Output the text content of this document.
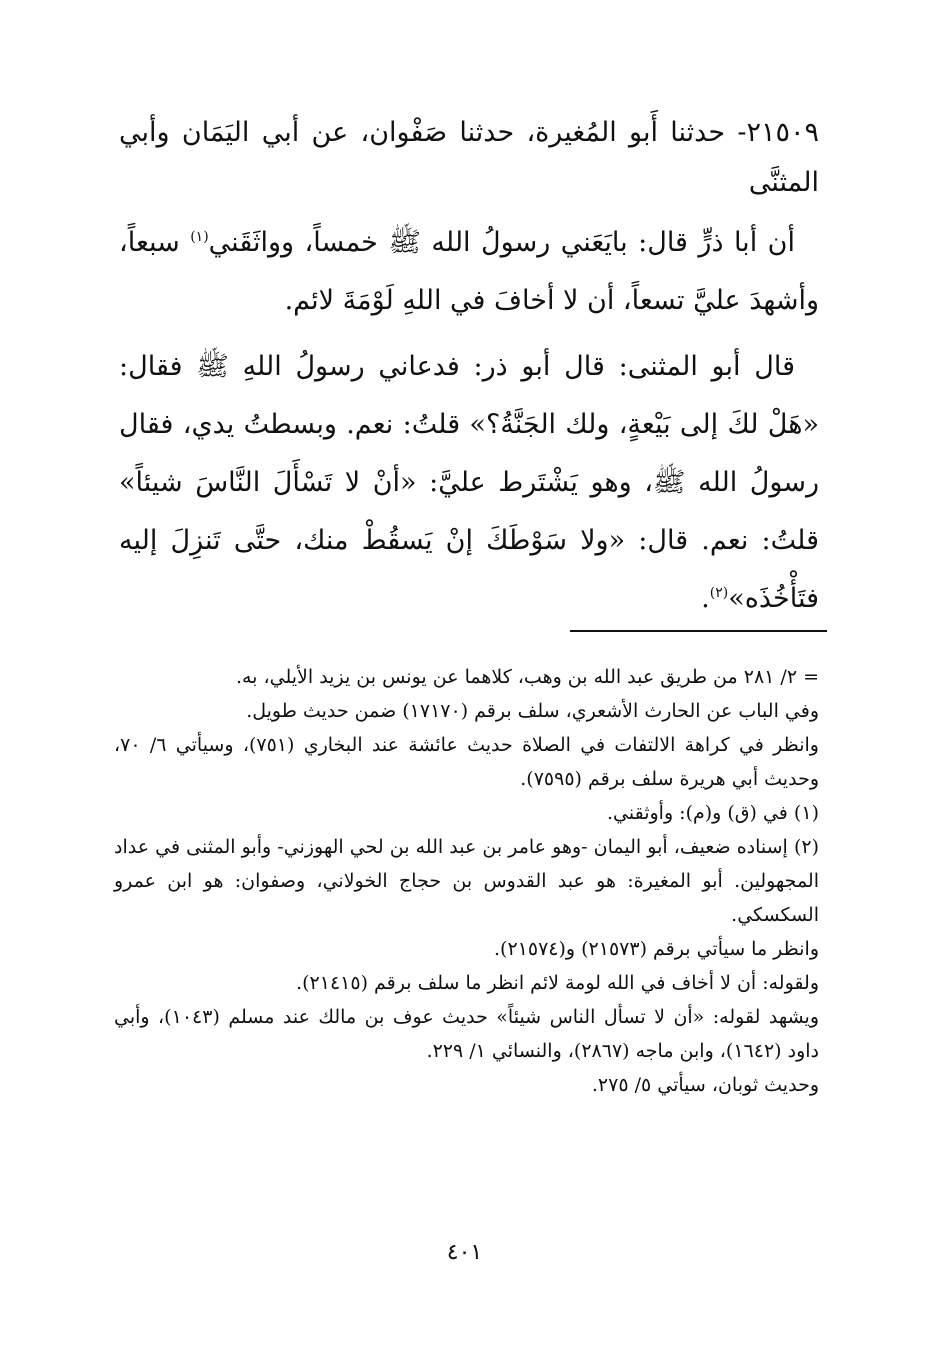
٢١٥٠٩- حدثنا أَبو المُغيرة، حدثنا صَفْوان، عن أبي اليَمَان وأبي المثنَّى

أن أبا ذرٍّ قال: بايَعَني رسولُ الله ﷺ خمساً، وواثَقَني$^{(١)}$ سبعاً، وأشهدَ عليَّ تسعاً، أن لا أخافَ في اللهِ لَوْمَةَ لائم.

قال أبو المثنى: قال أبو ذر: فدعاني رسولُ اللهِ ﷺ فقال: «هَلْ لكَ إلى بَيْعةٍ، ولك الجَنَّةُ؟» قلتُ: نعم. وبسطتُ يدي، فقال رسولُ الله ﷺ، وهو يَشْتَرط عليَّ: «أنْ لا تَسْأَلَ النَّاسَ شيئاً» قلتُ: نعم. قال: «ولا سَوْطَكَ إنْ يَسقُطْ منك، حتَّى تَنزِلَ إليه فتَأْخُذَه»$^{(٢)}$.

= ٢/ ٢٨١ من طريق عبد الله بن وهب، كلاهما عن يونس بن يزيد الأيلي، به.

وفي الباب عن الحارث الأشعري، سلف برقم (١٧١٧٠) ضمن حديث طويل.

وانظر في كراهة الالتفات في الصلاة حديث عائشة عند البخاري (٧٥١)، وسيأتي ٦/ ٧٠، وحديث أبي هريرة سلف برقم (٧٥٩٥).

(١) في (ق) و(م): وأوثقني.

(٢) إسناده ضعيف، أبو اليمان -وهو عامر بن عبد الله بن لحي الهوزني- وأبو المثنى في عداد المجهولين. أبو المغيرة: هو عبد القدوس بن حجاج الخولاني، وصفوان: هو ابن عمرو السكسكي.

وانظر ما سيأتي برقم (٢١٥٧٣) و(٢١٥٧٤).

ولقوله: أن لا أخاف في الله لومة لائم انظر ما سلف برقم (٢١٤١٥).

ويشهد لقوله: «أن لا تسأل الناس شيئاً» حديث عوف بن مالك عند مسلم (١٠٤٣)، وأبي داود (١٦٤٢)، وابن ماجه (٢٨٦٧)، والنسائي ١/ ٢٢٩.

وحديث ثوبان، سيأتي ٥/ ٢٧٥.

٤٠١
